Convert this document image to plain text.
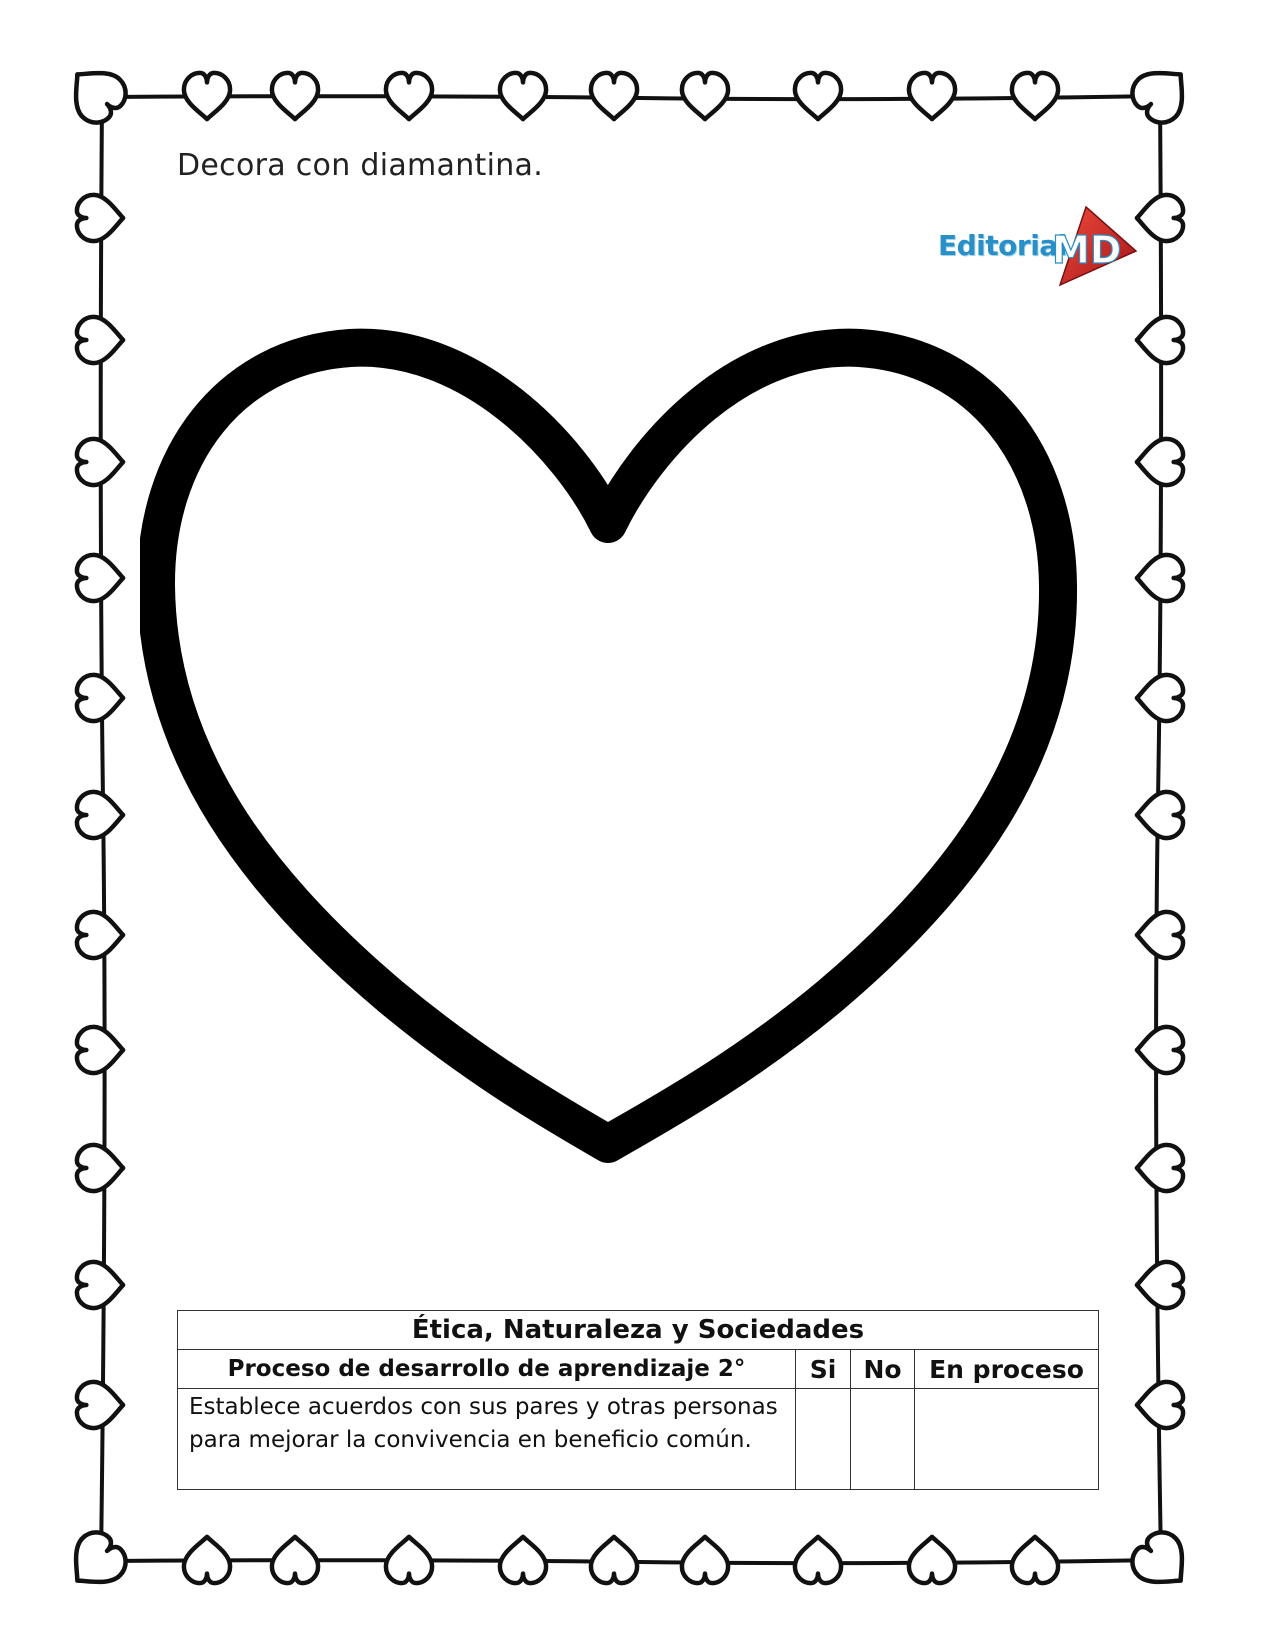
Decora con diamantina.
Editorial
MD
Ética, Naturaleza y Sociedades			
Proceso de desarrollo de aprendizaje 2°	Si	No	En proceso
Establece acuerdos con sus pares y otras personas para mejorar la convivencia en beneficio común.			
